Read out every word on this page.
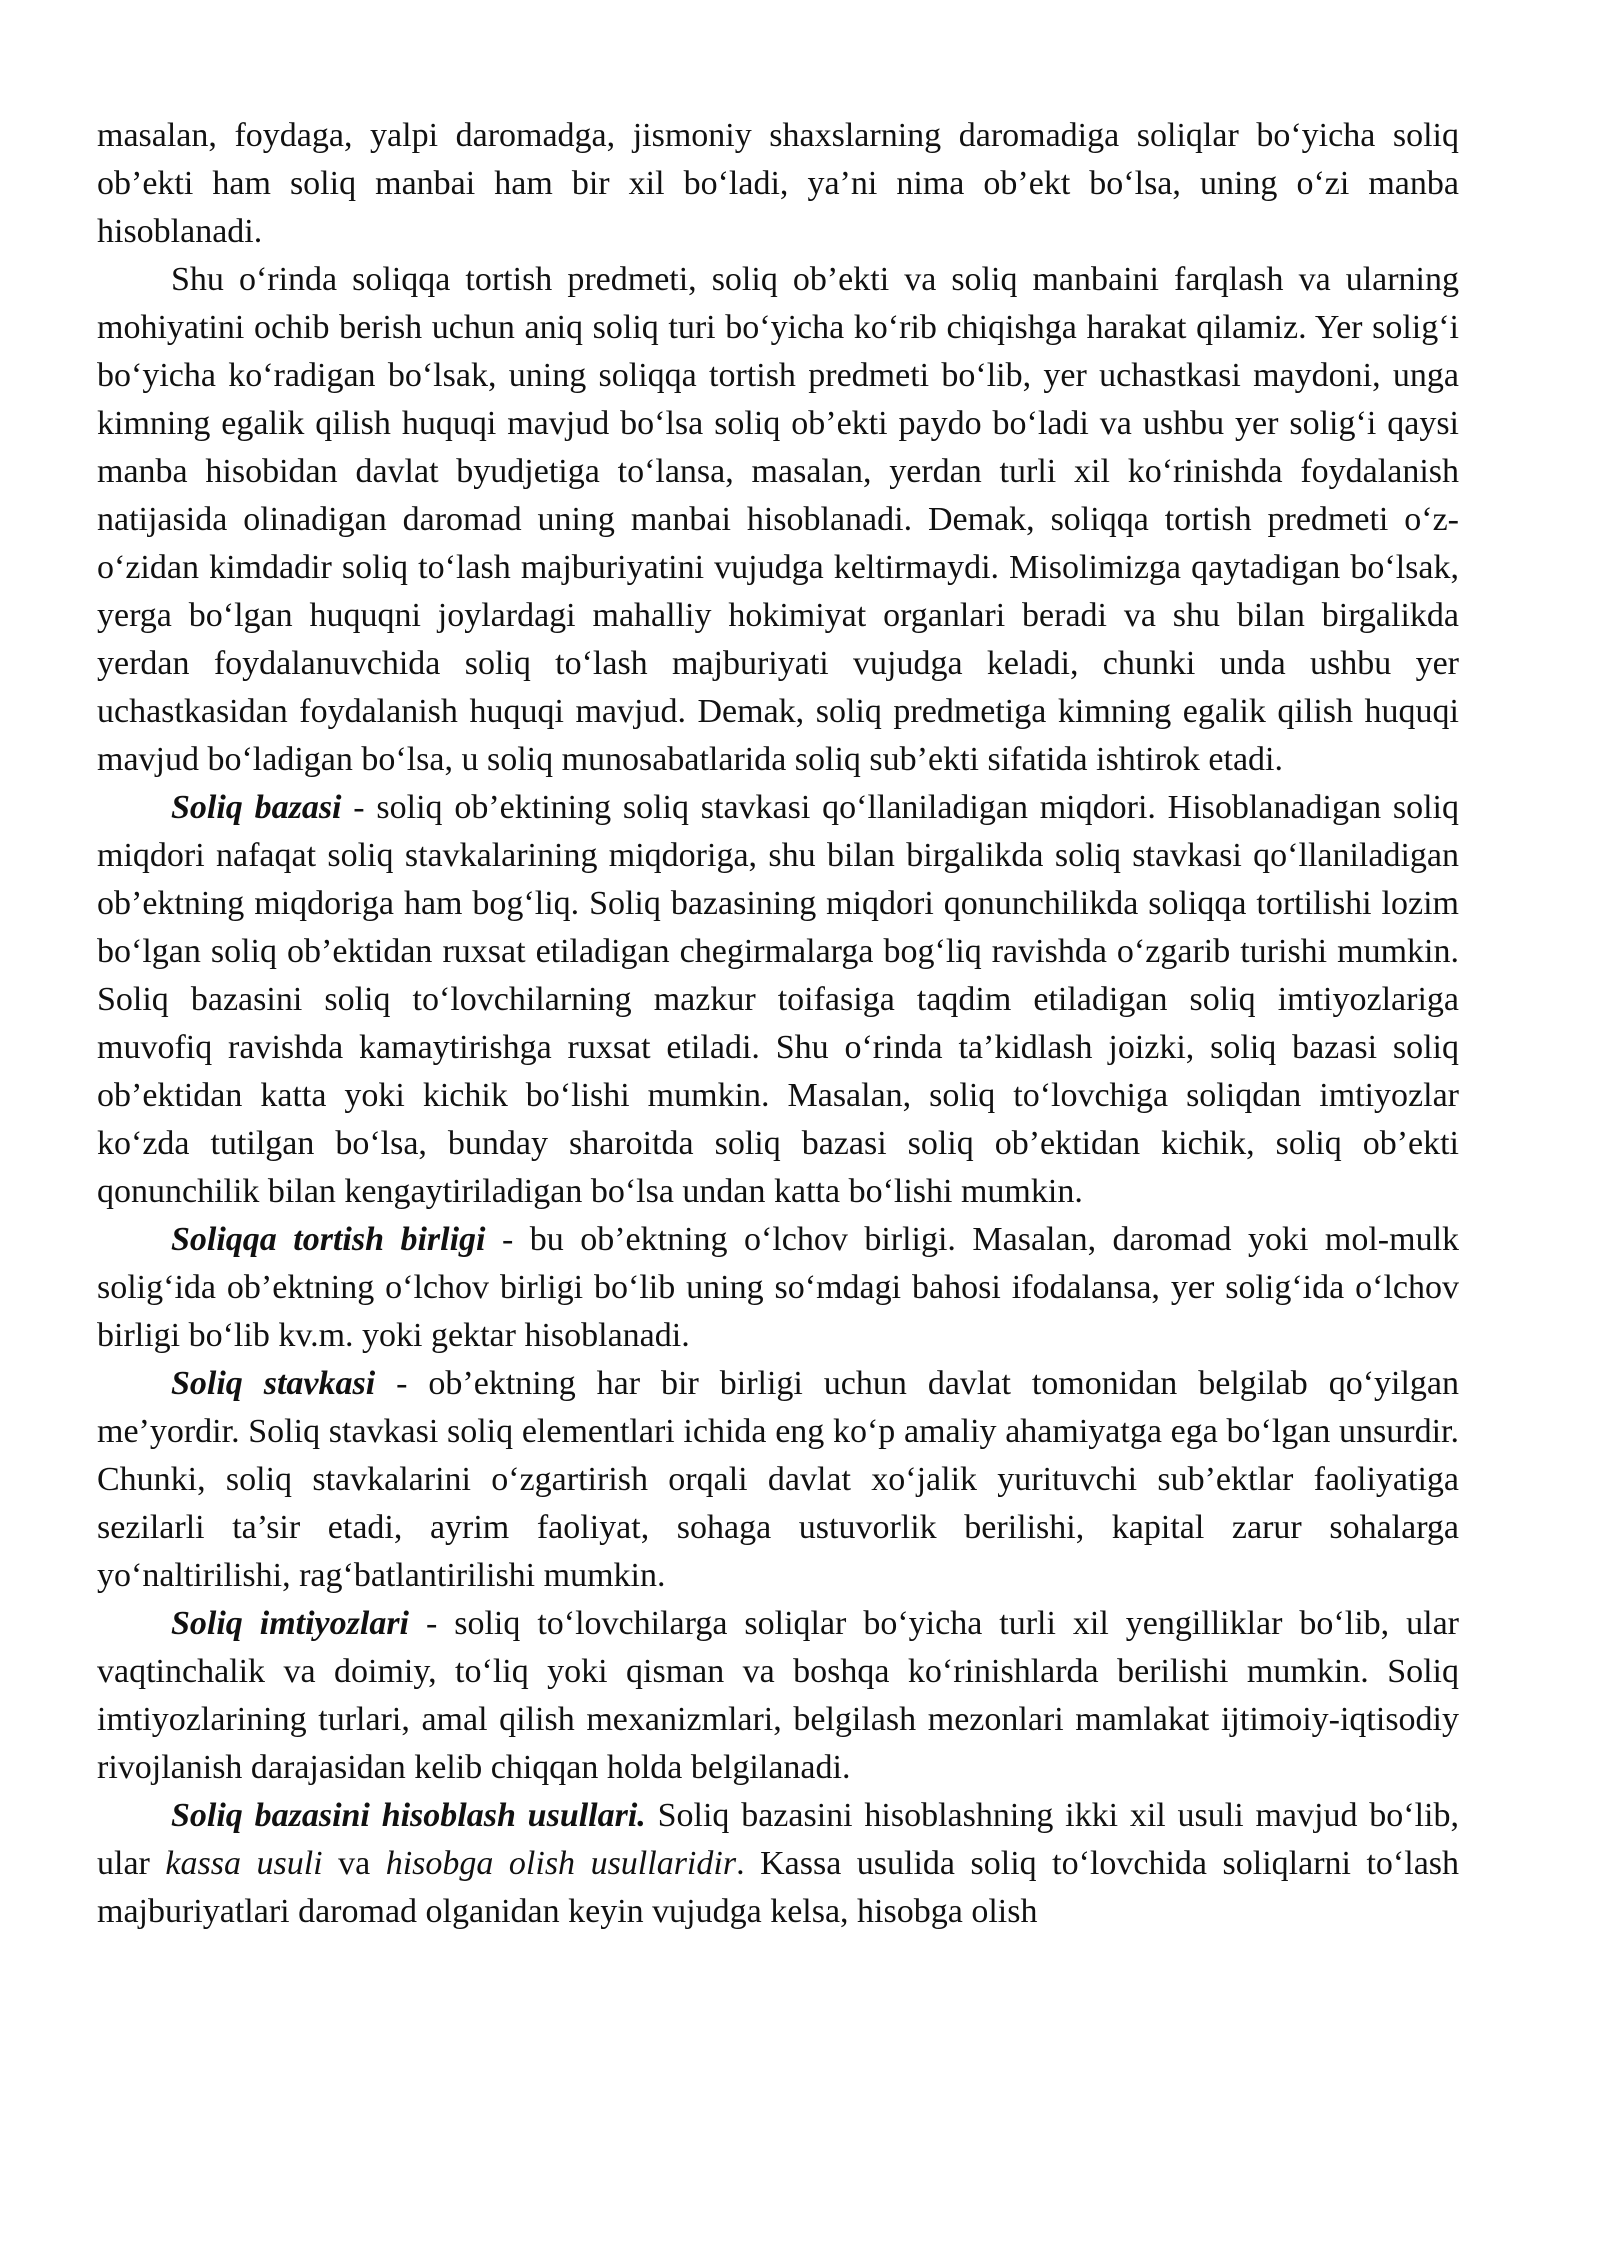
masalan, foydaga, yalpi daromadga, jismoniy shaxslarning daromadiga soliqlar bo‘yicha soliq ob’ekti ham soliq manbai ham bir xil bo‘ladi, ya’ni nima ob’ekt bo‘lsa, uning o‘zi manba hisoblanadi.

Shu o‘rinda soliqqa tortish predmeti, soliq ob’ekti va soliq manbaini farqlash va ularning mohiyatini ochib berish uchun aniq soliq turi bo‘yicha ko‘rib chiqishga harakat qilamiz. Yer solig‘i bo‘yicha ko‘radigan bo‘lsak, uning soliqqa tortish predmeti bo‘lib, yer uchastkasi maydoni, unga kimning egalik qilish huquqi mavjud bo‘lsa soliq ob’ekti paydo bo‘ladi va ushbu yer solig‘i qaysi manba hisobidan davlat byudjetiga to‘lansa, masalan, yerdan turli xil ko‘rinishda foydalanish natijasida olinadigan daromad uning manbai hisoblanadi. Demak, soliqqa tortish predmeti o‘z-o‘zidan kimdadir soliq to‘lash majburiyatini vujudga keltirmaydi. Misolimizga qaytadigan bo‘lsak, yerga bo‘lgan huquqni joylardagi mahalliy hokimiyat organlari beradi va shu bilan birgalikda yerdan foydalanuvchida soliq to‘lash majburiyati vujudga keladi, chunki unda ushbu yer uchastkasidan foydalanish huquqi mavjud. Demak, soliq predmetiga kimning egalik qilish huquqi mavjud bo‘ladigan bo‘lsa, u soliq munosabatlarida soliq sub’ekti sifatida ishtirok etadi.

Soliq bazasi - soliq ob’ektining soliq stavkasi qo‘llaniladigan miqdori. Hisoblanadigan soliq miqdori nafaqat soliq stavkalarining miqdoriga, shu bilan birgalikda soliq stavkasi qo‘llaniladigan ob’ektning miqdoriga ham bog‘liq. Soliq bazasining miqdori qonunchilikda soliqqa tortilishi lozim bo‘lgan soliq ob’ektidan ruxsat etiladigan chegirmalarga bog‘liq ravishda o‘zgarib turishi mumkin. Soliq bazasini soliq to‘lovchilarning mazkur toifasiga taqdim etiladigan soliq imtiyozlariga muvofiq ravishda kamaytirishga ruxsat etiladi. Shu o‘rinda ta’kidlash joizki, soliq bazasi soliq ob’ektidan katta yoki kichik bo‘lishi mumkin. Masalan, soliq to‘lovchiga soliqdan imtiyozlar ko‘zda tutilgan bo‘lsa, bunday sharoitda soliq bazasi soliq ob’ektidan kichik, soliq ob’ekti qonunchilik bilan kengaytiriladigan bo‘lsa undan katta bo‘lishi mumkin.

Soliqqa tortish birligi - bu ob’ektning o‘lchov birligi. Masalan, daromad yoki mol-mulk solig‘ida ob’ektning o‘lchov birligi bo‘lib uning so‘mdagi bahosi ifodalansa, yer solig‘ida o‘lchov birligi bo‘lib kv.m. yoki gektar hisoblanadi.

Soliq stavkasi - ob’ektning har bir birligi uchun davlat tomonidan belgilab qo‘yilgan me’yordir. Soliq stavkasi soliq elementlari ichida eng ko‘p amaliy ahamiyatga ega bo‘lgan unsurdir. Chunki, soliq stavkalarini o‘zgartirish orqali davlat xo‘jalik yurituvchi sub’ektlar faoliyatiga sezilarli ta’sir etadi, ayrim faoliyat, sohaga ustuvorlik berilishi, kapital zarur sohalarga yo‘naltirilishi, rag‘batlantirilishi mumkin.

Soliq imtiyozlari - soliq to‘lovchilarga soliqlar bo‘yicha turli xil yengilliklar bo‘lib, ular vaqtinchalik va doimiy, to‘liq yoki qisman va boshqa ko‘rinishlarda berilishi mumkin. Soliq imtiyozlarining turlari, amal qilish mexanizmlari, belgilash mezonlari mamlakat ijtimoiy-iqtisodiy rivojlanish darajasidan kelib chiqqan holda belgilanadi.

Soliq bazasini hisoblash usullari. Soliq bazasini hisoblashning ikki xil usuli mavjud bo‘lib, ular kassa usuli va hisobga olish usullaridir. Kassa usulida soliq to‘lovchida soliqlarni to‘lash majburiyatlari daromad olganidan keyin vujudga kelsa, hisobga olish
